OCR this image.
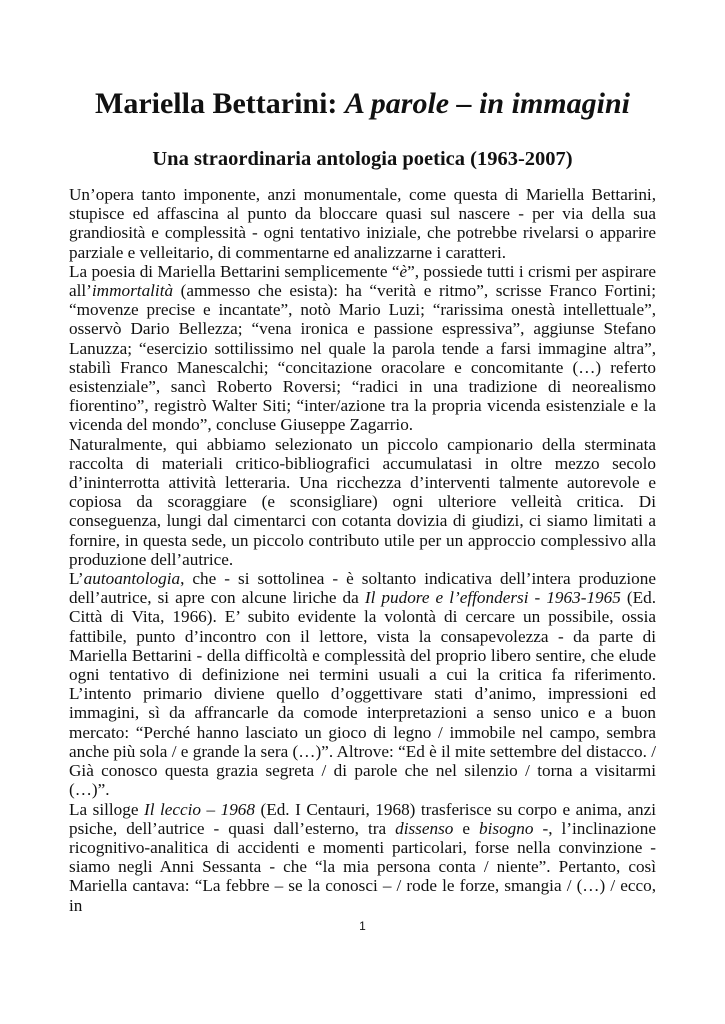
Mariella Bettarini: A parole – in immagini
Una straordinaria antologia poetica (1963-2007)

Un’opera tanto imponente, anzi monumentale, come questa di Mariella Bettarini, stupisce ed affascina al punto da bloccare quasi sul nascere - per via della sua grandiosità e complessità - ogni tentativo iniziale, che potrebbe rivelarsi o apparire parziale e velleitario, di commentarne ed analizzarne i caratteri.

La poesia di Mariella Bettarini semplicemente “è”, possiede tutti i crismi per aspirare all’immortalità (ammesso che esista): ha “verità e ritmo”, scrisse Franco Fortini; “movenze precise e incantate”, notò Mario Luzi; “rarissima onestà intellettuale”, osservò Dario Bellezza; “vena ironica e passione espressiva”, aggiunse Stefano Lanuzza; “esercizio sottilissimo nel quale la parola tende a farsi immagine altra”, stabilì Franco Manescalchi; “concitazione oracolare e concomitante (…) referto esistenziale”, sancì Roberto Roversi; “radici in una tradizione di neorealismo fiorentino”, registrò Walter Siti; “inter/azione tra la propria vicenda esistenziale e la vicenda del mondo”, concluse Giuseppe Zagarrio.

Naturalmente, qui abbiamo selezionato un piccolo campionario della sterminata raccolta di materiali critico-bibliografici accumulatasi in oltre mezzo secolo d’ininterrotta attività letteraria. Una ricchezza d’interventi talmente autorevole e copiosa da scoraggiare (e sconsigliare) ogni ulteriore velleità critica. Di conseguenza, lungi dal cimentarci con cotanta dovizia di giudizi, ci siamo limitati a fornire, in questa sede, un piccolo contributo utile per un approccio complessivo alla produzione dell’autrice.

L’autoantologia, che - si sottolinea - è soltanto indicativa dell’intera produzione dell’autrice, si apre con alcune liriche da Il pudore e l’effondersi - 1963-1965 (Ed. Città di Vita, 1966). E’ subito evidente la volontà di cercare un possibile, ossia fattibile, punto d’incontro con il lettore, vista la consapevolezza - da parte di Mariella Bettarini - della difficoltà e complessità del proprio libero sentire, che elude ogni tentativo di definizione nei termini usuali a cui la critica fa riferimento. L’intento primario diviene quello d’oggettivare stati d’animo, impressioni ed immagini, sì da affrancarle da comode interpretazioni a senso unico e a buon mercato: “Perché hanno lasciato un gioco di legno / immobile nel campo, sembra anche più sola / e grande la sera (…)”. Altrove: “Ed è il mite settembre del distacco. / Già conosco questa grazia segreta / di parole che nel silenzio / torna a visitarmi (…)”.

La silloge Il leccio – 1968 (Ed. I Centauri, 1968) trasferisce su corpo e anima, anzi psiche, dell’autrice - quasi dall’esterno, tra dissenso e bisogno -, l’inclinazione ricognitivo-analitica di accidenti e momenti particolari, forse nella convinzione - siamo negli Anni Sessanta - che “la mia persona conta / niente”. Pertanto, così Mariella cantava: “La febbre – se la conosci – / rode le forze, smangia / (…) / ecco, in

1
